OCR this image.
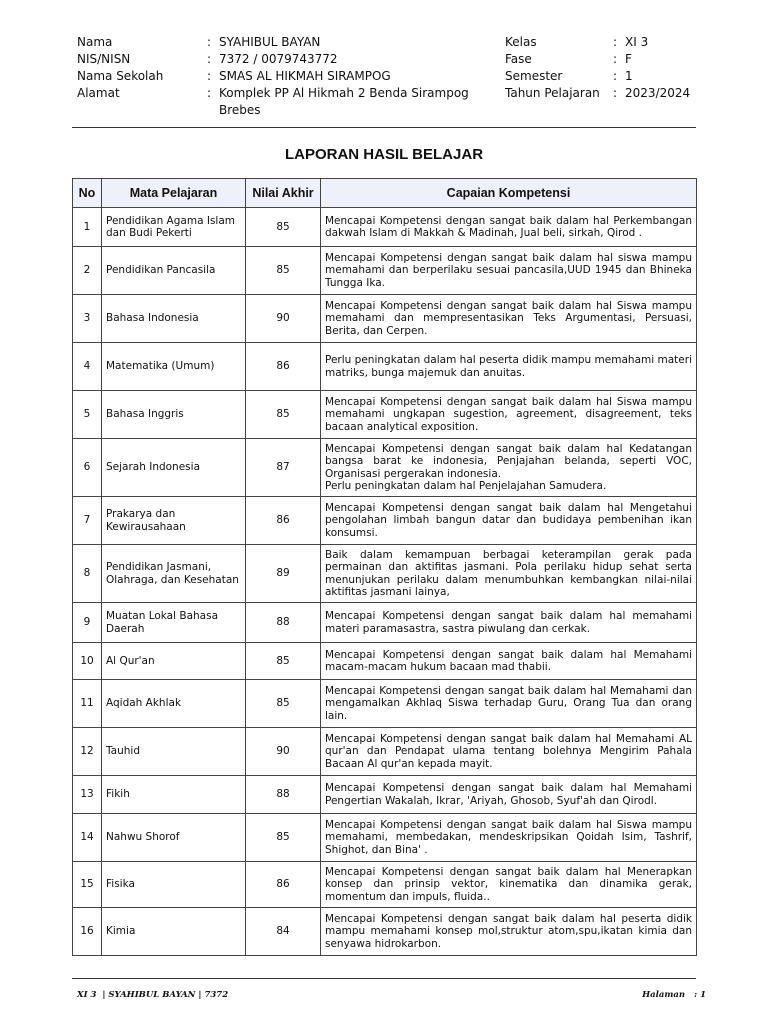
Nama	: SYAHIBUL BAYAN
NIS/NISN	: 7372 / 0079743772
Nama Sekolah	: SMAS AL HIKMAH SIRAMPOG
Alamat	: Komplek PP Al Hikmah 2 Benda Sirampog Brebes
Kelas	: XI 3
Fase	: F
Semester	: 1
Tahun Pelajaran	: 2023/2024
LAPORAN HASIL BELAJAR
No	Mata Pelajaran	Nilai Akhir	Capaian Kompetensi
1	Pendidikan Agama Islam dan Budi Pekerti	85	Mencapai Kompetensi dengan sangat baik dalam hal Perkembangan dakwah Islam di Makkah & Madinah, Jual beli, sirkah, Qirod .
2	Pendidikan Pancasila	85	Mencapai Kompetensi dengan sangat baik dalam hal siswa mampu memahami dan berperilaku sesuai pancasila,UUD 1945 dan Bhineka Tungga Ika.
3	Bahasa Indonesia	90	Mencapai Kompetensi dengan sangat baik dalam hal Siswa mampu memahami dan mempresentasikan Teks Argumentasi, Persuasi, Berita, dan Cerpen.
4	Matematika (Umum)	86	Perlu peningkatan dalam hal peserta didik mampu memahami materi matriks, bunga majemuk dan anuitas.
5	Bahasa Inggris	85	Mencapai Kompetensi dengan sangat baik dalam hal Siswa mampu memahami ungkapan sugestion, agreement, disagreement, teks bacaan analytical exposition.
6	Sejarah Indonesia	87	Mencapai Kompetensi dengan sangat baik dalam hal Kedatangan bangsa barat ke indonesia, Penjajahan belanda, seperti VOC, Organisasi pergerakan indonesia.
Perlu peningkatan dalam hal Penjelajahan Samudera.
7	Prakarya dan Kewirausahaan	86	Mencapai Kompetensi dengan sangat baik dalam hal Mengetahui pengolahan limbah bangun datar dan budidaya pembenihan ikan konsumsi.
8	Pendidikan Jasmani, Olahraga, dan Kesehatan	89	Baik dalam kemampuan berbagai keterampilan gerak pada permainan dan aktifitas jasmani. Pola perilaku hidup sehat serta menunjukan perilaku dalam menumbuhkan kembangkan nilai-nilai aktifitas jasmani lainya,
9	Muatan Lokal Bahasa Daerah	88	Mencapai Kompetensi dengan sangat baik dalam hal memahami materi paramasastra, sastra piwulang dan cerkak.
10	Al Qur'an	85	Mencapai Kompetensi dengan sangat baik dalam hal Memahami macam-macam hukum bacaan mad thabii.
11	Aqidah Akhlak	85	Mencapai Kompetensi dengan sangat baik dalam hal Memahami dan mengamalkan Akhlaq Siswa terhadap Guru, Orang Tua dan orang lain.
12	Tauhid	90	Mencapai Kompetensi dengan sangat baik dalam hal Memahami AL qur'an dan Pendapat ulama tentang bolehnya Mengirim Pahala Bacaan Al qur'an kepada mayit.
13	Fikih	88	Mencapai Kompetensi dengan sangat baik dalam hal Memahami Pengertian Wakalah, Ikrar, 'Ariyah, Ghosob, Syuf'ah dan Qirodl.
14	Nahwu Shorof	85	Mencapai Kompetensi dengan sangat baik dalam hal Siswa mampu memahami, membedakan, mendeskripsikan Qoidah Isim, Tashrif, Shighot, dan Bina' .
15	Fisika	86	Mencapai Kompetensi dengan sangat baik dalam hal Menerapkan konsep dan prinsip vektor, kinematika dan dinamika gerak, momentum dan impuls, fluida..
16	Kimia	84	Mencapai Kompetensi dengan sangat baik dalam hal peserta didik mampu memahami konsep mol,struktur atom,spu,ikatan kimia dan senyawa hidrokarbon.
XI 3  | SYAHIBUL BAYAN | 7372	Halaman   : 1
